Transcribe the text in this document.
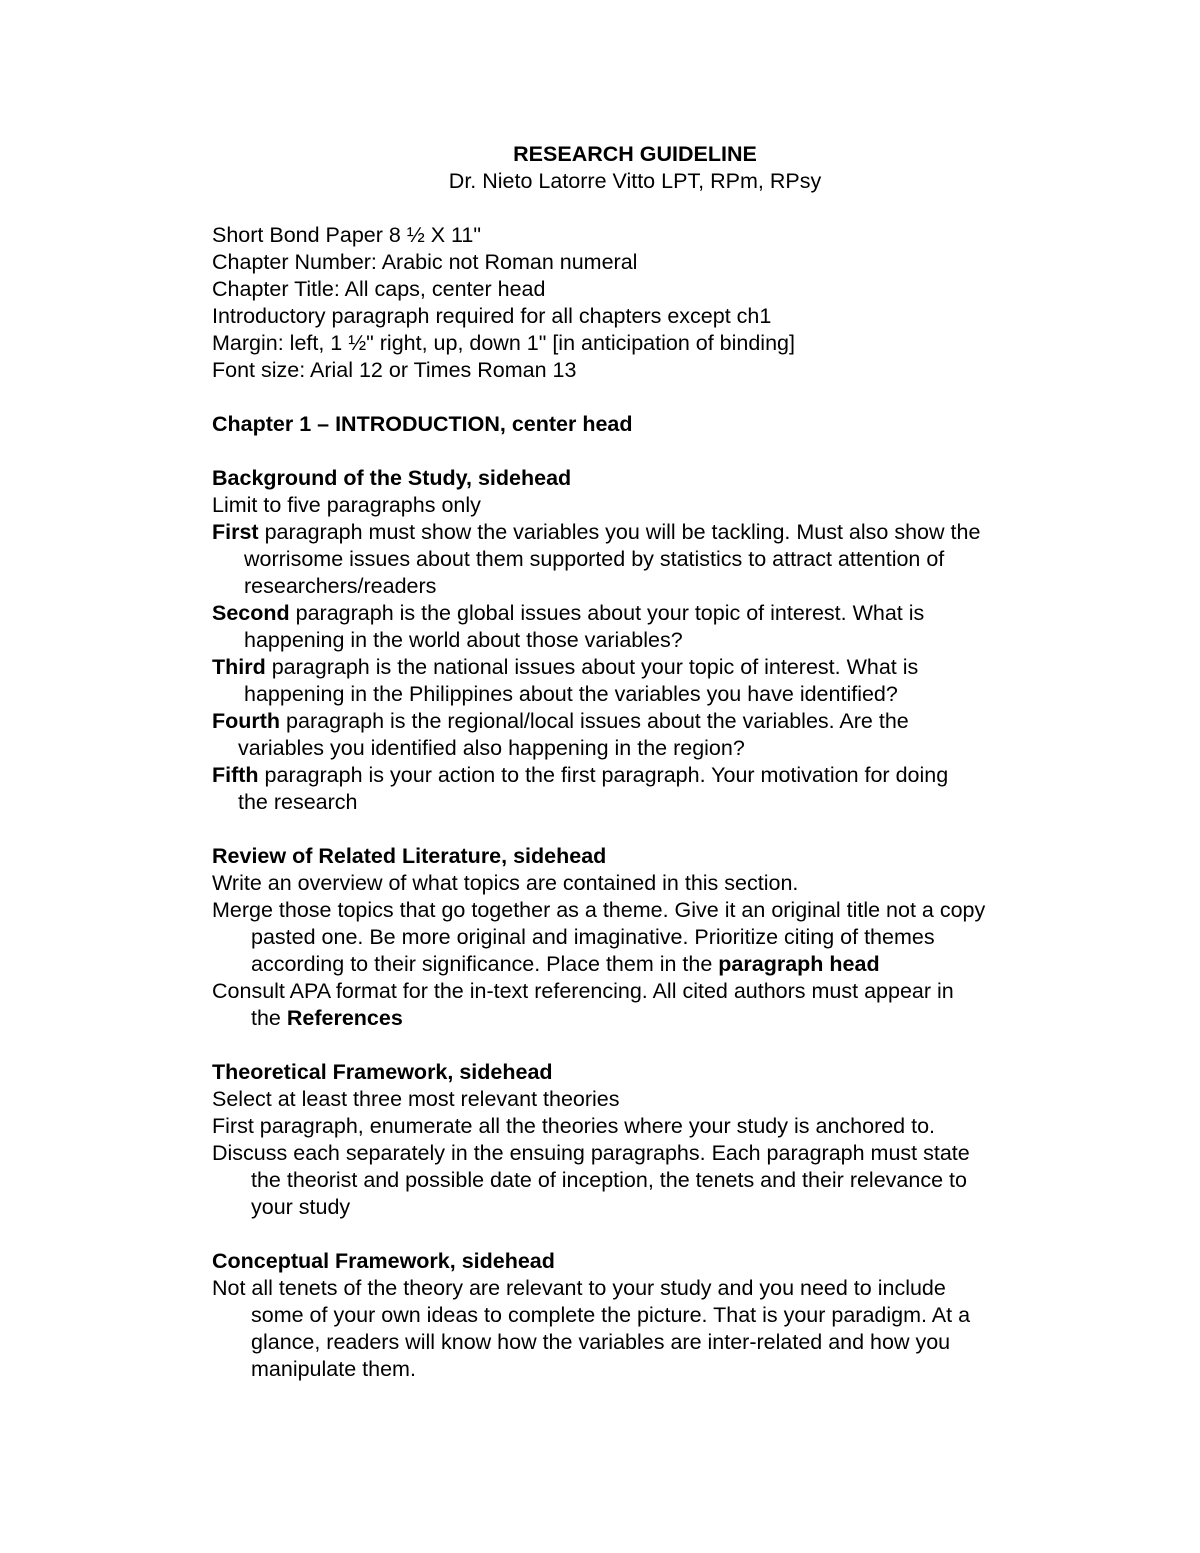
RESEARCH GUIDELINE
Dr. Nieto Latorre Vitto LPT, RPm, RPsy
Short Bond Paper 8 ½ X 11"
Chapter Number: Arabic not Roman numeral
Chapter Title: All caps, center head
Introductory paragraph required for all chapters except ch1
Margin: left, 1 ½" right, up, down 1" [in anticipation of binding]
Font size: Arial 12 or Times Roman 13
Chapter 1 – INTRODUCTION, center head
Background of the Study, sidehead
Limit to five paragraphs only
First paragraph must show the variables you will be tackling. Must also show the
worrisome issues about them supported by statistics to attract attention of
researchers/readers
Second paragraph is the global issues about your topic of interest. What is
happening in the world about those variables?
Third paragraph is the national issues about your topic of interest. What is
happening in the Philippines about the variables you have identified?
Fourth paragraph is the regional/local issues about the variables. Are the
variables you identified also happening in the region?
Fifth paragraph is your action to the first paragraph. Your motivation for doing
the research
Review of Related Literature, sidehead
Write an overview of what topics are contained in this section.
Merge those topics that go together as a theme. Give it an original title not a copy
pasted one. Be more original and imaginative. Prioritize citing of themes
according to their significance. Place them in the paragraph head
Consult APA format for the in-text referencing. All cited authors must appear in
the References
Theoretical Framework, sidehead
Select at least three most relevant theories
First paragraph, enumerate all the theories where your study is anchored to.
Discuss each separately in the ensuing paragraphs. Each paragraph must state
the theorist and possible date of inception, the tenets and their relevance to
your study
Conceptual Framework, sidehead
Not all tenets of the theory are relevant to your study and you need to include
some of your own ideas to complete the picture. That is your paradigm. At a
glance, readers will know how the variables are inter-related and how you
manipulate them.
